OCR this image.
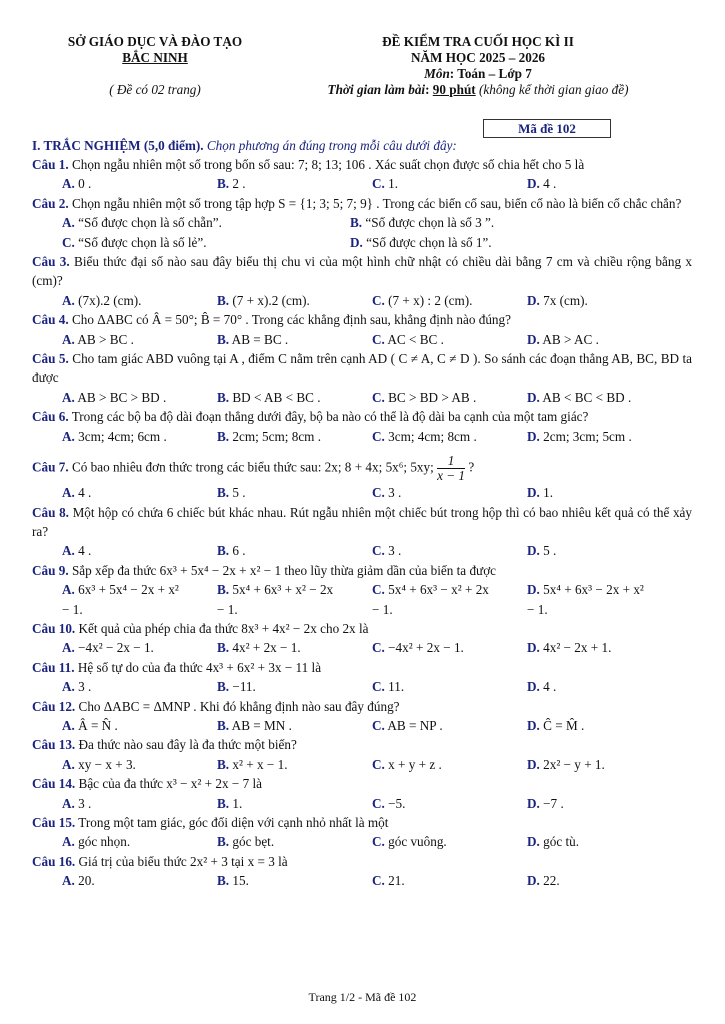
SỞ GIÁO DỤC VÀ ĐÀO TẠO
BẮC NINH
( Đề có 02 trang)
ĐỀ KIỂM TRA CUỐI HỌC KÌ II
NĂM HỌC 2025 – 2026
Môn: Toán – Lớp 7
Thời gian làm bài: 90 phút (không kể thời gian giao đề)
Mã đề 102
I. TRẮC NGHIỆM (5,0 điểm). Chọn phương án đúng trong mỗi câu dưới đây:
Câu 1. Chọn ngẫu nhiên một số trong bốn số sau: 7; 8; 13; 106 . Xác suất chọn được số chia hết cho 5 là
A. 0 .	B. 2 .	C. 1.	D. 4 .
Câu 2. Chọn ngẫu nhiên một số trong tập hợp S = {1; 3; 5; 7; 9} . Trong các biến cố sau, biến cố nào là biến cố chắc chắn?
A. “Số được chọn là số chẵn”.	B. “Số được chọn là số 3 ”.
C. “Số được chọn là số lẻ”.	D. “Số được chọn là số 1”.
Câu 3. Biểu thức đại số nào sau đây biểu thị chu vi của một hình chữ nhật có chiều dài bằng 7 cm và chiều rộng bằng x (cm)?
A. (7x).2 (cm).	B. (7 + x).2 (cm).	C. (7 + x) : 2 (cm).	D. 7x (cm).
Câu 4. Cho ΔABC có Â = 50°; B̂ = 70° . Trong các khẳng định sau, khẳng định nào đúng?
A. AB > BC .	B. AB = BC .	C. AC < BC .	D. AB > AC .
Câu 5. Cho tam giác ABD vuông tại A , điểm C nằm trên cạnh AD ( C ≠ A, C ≠ D ). So sánh các đoạn thẳng AB, BC, BD ta được
A. AB > BC > BD .	B. BD < AB < BC .	C. BC > BD > AB .	D. AB < BC < BD .
Câu 6. Trong các bộ ba độ dài đoạn thẳng dưới đây, bộ ba nào có thể là độ dài ba cạnh của một tam giác?
A. 3cm; 4cm; 6cm .	B. 2cm; 5cm; 8cm .	C. 3cm; 4cm; 8cm .	D. 2cm; 3cm; 5cm .
Câu 7. Có bao nhiêu đơn thức trong các biểu thức sau: 2x; 8 + 4x; 5x⁶; 5xy; $\frac{1}{x - 1}$ ?
A. 4 .	B. 5 .	C. 3 .	D. 1.
Câu 8. Một hộp có chứa 6 chiếc bút khác nhau. Rút ngẫu nhiên một chiếc bút trong hộp thì có bao nhiêu kết quả có thể xảy ra?
A. 4 .	B. 6 .	C. 3 .	D. 5 .
Câu 9. Sắp xếp đa thức 6x³ + 5x⁴ − 2x + x² − 1 theo lũy thừa giảm dần của biến ta được
A. 6x³ + 5x⁴ − 2x + x² − 1.
B. 5x⁴ + 6x³ + x² − 2x − 1.
C. 5x⁴ + 6x³ − x² + 2x − 1.
D. 5x⁴ + 6x³ − 2x + x² − 1.
Câu 10. Kết quả của phép chia đa thức 8x³ + 4x² − 2x cho 2x là
A. −4x² − 2x − 1.	B. 4x² + 2x − 1.	C. −4x² + 2x − 1.	D. 4x² − 2x + 1.
Câu 11. Hệ số tự do của đa thức 4x³ + 6x² + 3x − 11 là
A. 3 .	B. −11.	C. 11.	D. 4 .
Câu 12. Cho ΔABC = ΔMNP . Khi đó khẳng định nào sau đây đúng?
A. Â = N̂ .	B. AB = MN .	C. AB = NP .	D. Ĉ = M̂ .
Câu 13. Đa thức nào sau đây là đa thức một biến?
A. xy − x + 3.	B. x² + x − 1.	C. x + y + z .	D. 2x² − y + 1.
Câu 14. Bậc của đa thức x³ − x² + 2x − 7 là
A. 3 .	B. 1.	C. −5.	D. −7 .
Câu 15. Trong một tam giác, góc đối diện với cạnh nhỏ nhất là một
A. góc nhọn.	B. góc bẹt.	C. góc vuông.	D. góc tù.
Câu 16. Giá trị của biểu thức 2x² + 3 tại x = 3 là
A. 20.	B. 15.	C. 21.	D. 22.
Trang 1/2 - Mã đề 102
